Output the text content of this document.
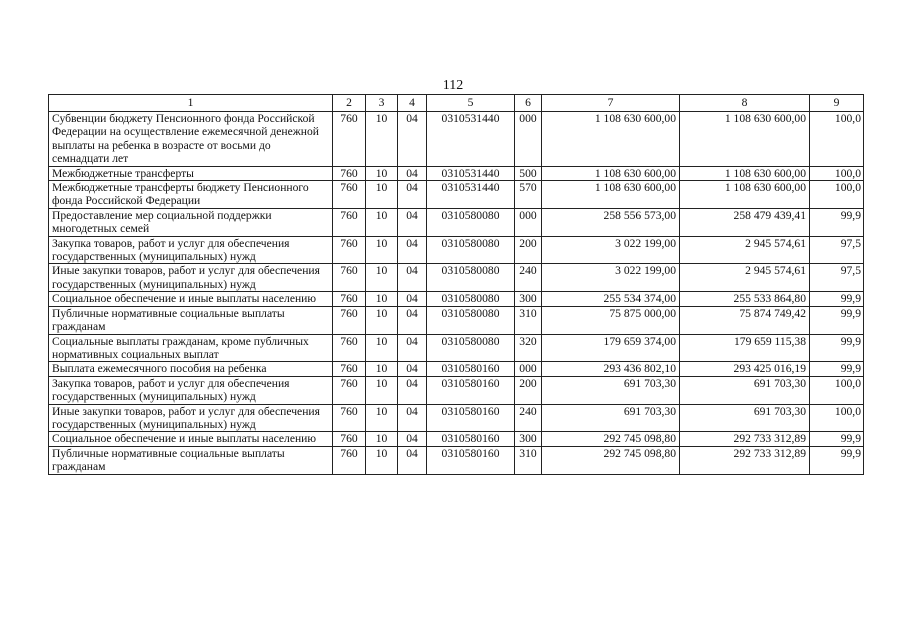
112
1	2	3	4	5	6	7	8	9
Субвенции бюджету Пенсионного фонда Российской Федерации на осуществление ежемесячной денежной выплаты на ребенка в возрасте от восьми до семнадцати лет	760	10	04	0310531440	000	1 108 630 600,00	1 108 630 600,00	100,0
Межбюджетные трансферты	760	10	04	0310531440	500	1 108 630 600,00	1 108 630 600,00	100,0
Межбюджетные трансферты бюджету Пенсионного фонда Российской Федерации	760	10	04	0310531440	570	1 108 630 600,00	1 108 630 600,00	100,0
Предоставление мер социальной поддержки многодетных семей	760	10	04	0310580080	000	258 556 573,00	258 479 439,41	99,9
Закупка товаров, работ и услуг для обеспечения государственных (муниципальных) нужд	760	10	04	0310580080	200	3 022 199,00	2 945 574,61	97,5
Иные закупки товаров, работ и услуг для обеспечения государственных (муниципальных) нужд	760	10	04	0310580080	240	3 022 199,00	2 945 574,61	97,5
Социальное обеспечение и иные выплаты населению	760	10	04	0310580080	300	255 534 374,00	255 533 864,80	99,9
Публичные нормативные социальные выплаты гражданам	760	10	04	0310580080	310	75 875 000,00	75 874 749,42	99,9
Социальные выплаты гражданам, кроме публичных нормативных социальных выплат	760	10	04	0310580080	320	179 659 374,00	179 659 115,38	99,9
Выплата ежемесячного пособия на ребенка	760	10	04	0310580160	000	293 436 802,10	293 425 016,19	99,9
Закупка товаров, работ и услуг для обеспечения государственных (муниципальных) нужд	760	10	04	0310580160	200	691 703,30	691 703,30	100,0
Иные закупки товаров, работ и услуг для обеспечения государственных (муниципальных) нужд	760	10	04	0310580160	240	691 703,30	691 703,30	100,0
Социальное обеспечение и иные выплаты населению	760	10	04	0310580160	300	292 745 098,80	292 733 312,89	99,9
Публичные нормативные социальные выплаты гражданам	760	10	04	0310580160	310	292 745 098,80	292 733 312,89	99,9
